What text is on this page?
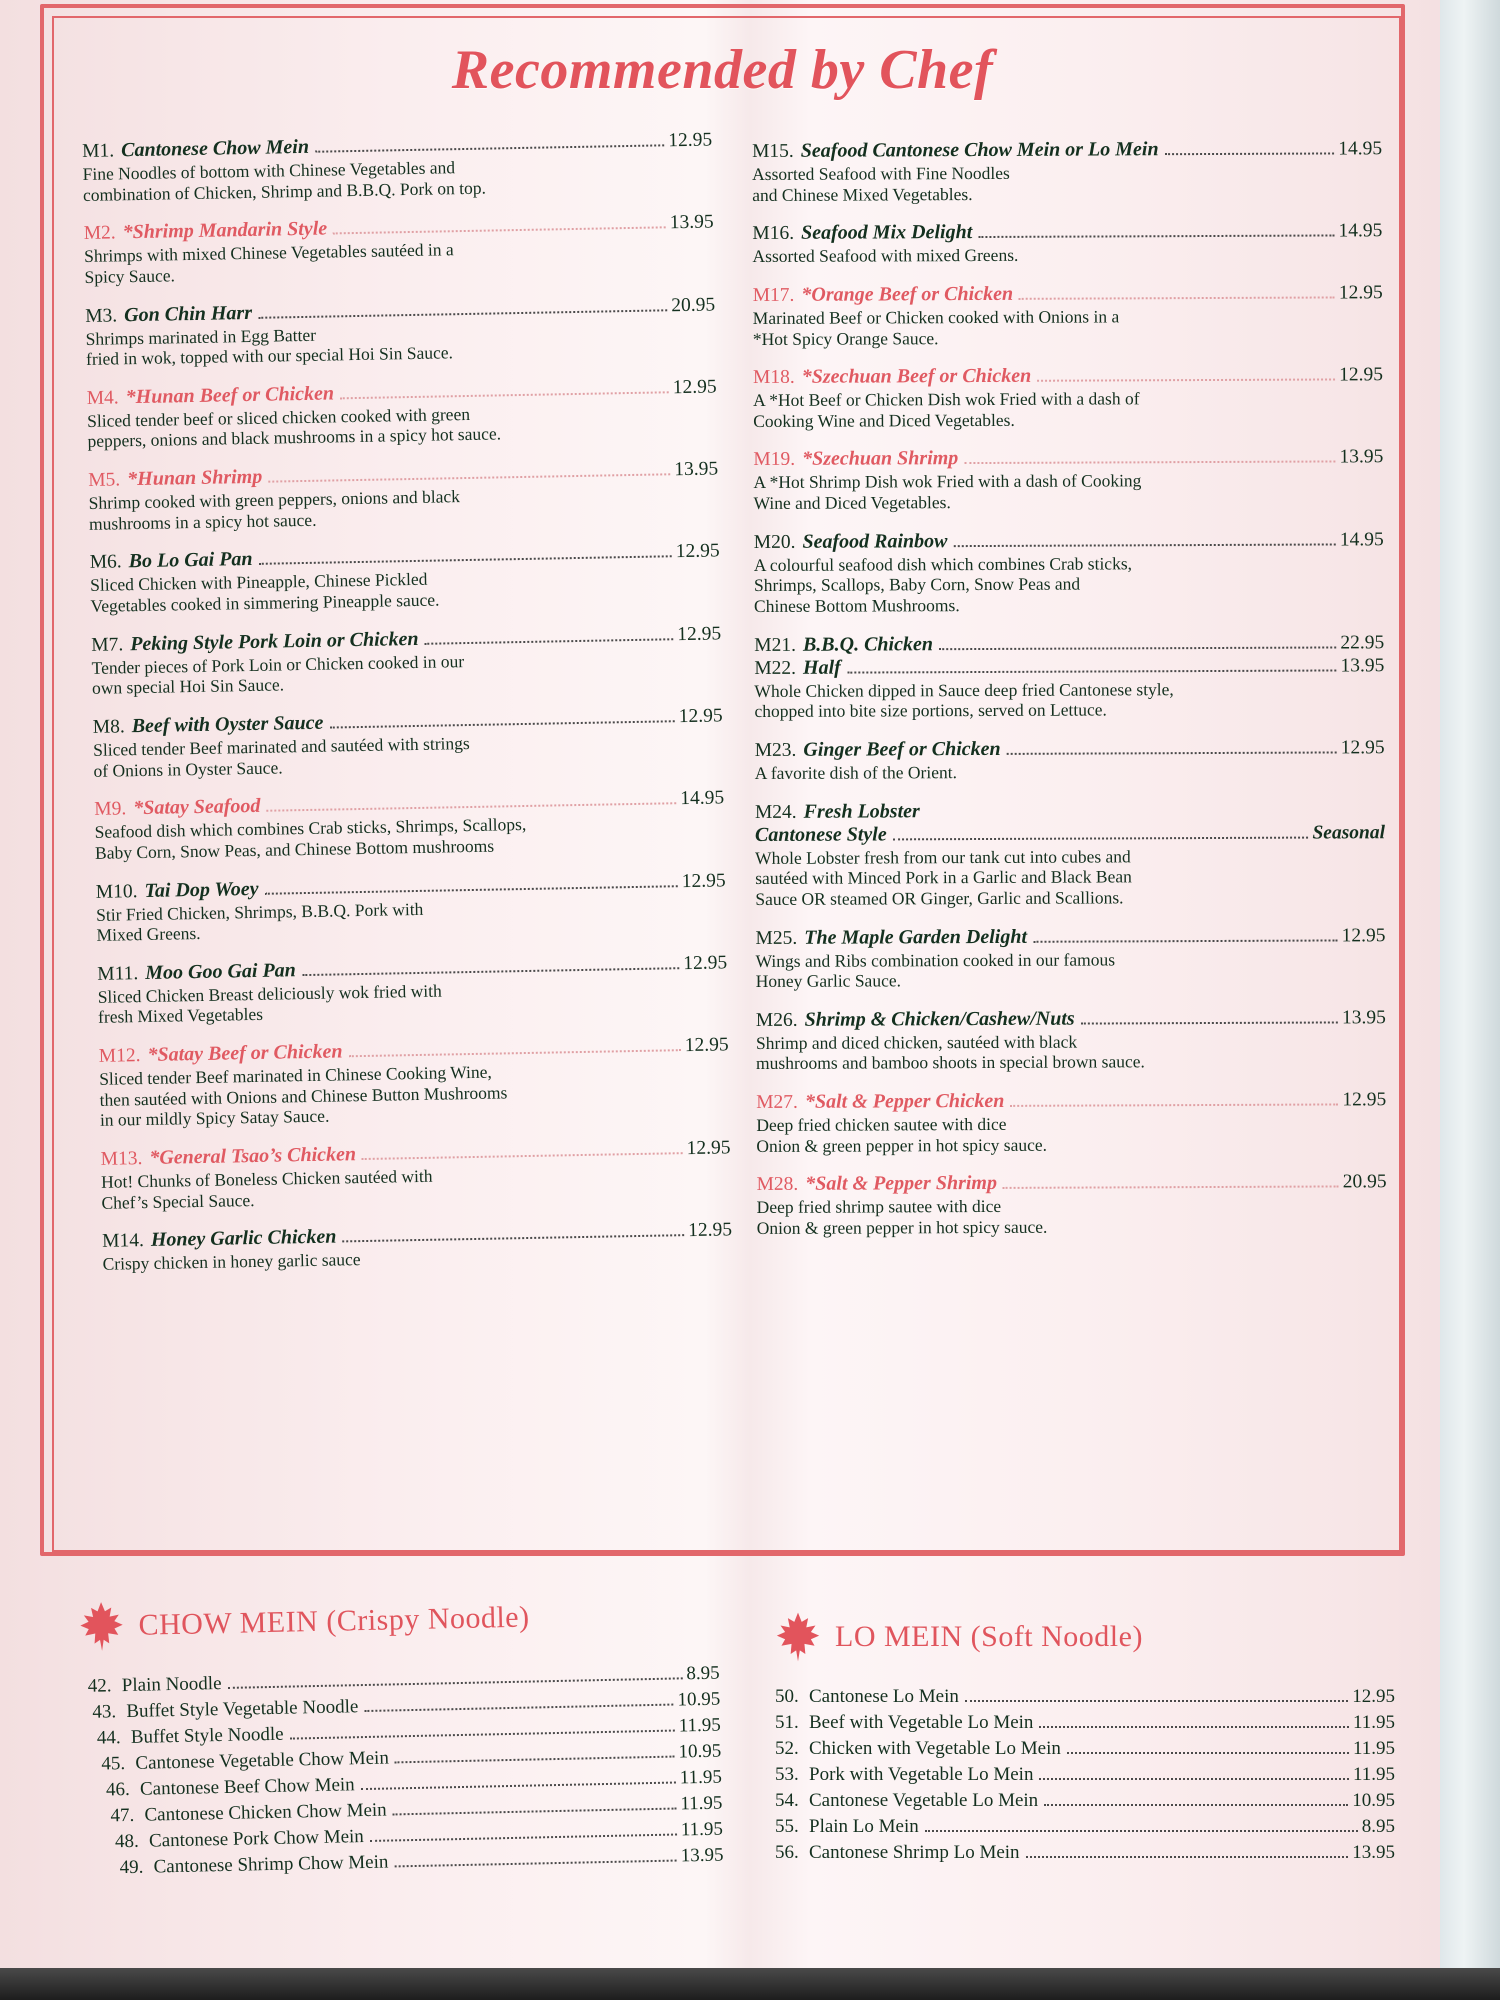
Recommended by Chef
M1. Cantonese Chow Mein	12.95
Fine Noodles of bottom with Chinese Vegetables and
combination of Chicken, Shrimp and B.B.Q. Pork on top.
M2. *Shrimp Mandarin Style	13.95
Shrimps with mixed Chinese Vegetables sautéed in a
Spicy Sauce.
M3. Gon Chin Harr	20.95
Shrimps marinated in Egg Batter
fried in wok, topped with our special Hoi Sin Sauce.
M4. *Hunan Beef or Chicken	12.95
Sliced tender beef or sliced chicken cooked with green
peppers, onions and black mushrooms in a spicy hot sauce.
M5. *Hunan Shrimp	13.95
Shrimp cooked with green peppers, onions and black
mushrooms in a spicy hot sauce.
M6. Bo Lo Gai Pan	12.95
Sliced Chicken with Pineapple, Chinese Pickled
Vegetables cooked in simmering Pineapple sauce.
M7. Peking Style Pork Loin or Chicken	12.95
Tender pieces of Pork Loin or Chicken cooked in our
own special Hoi Sin Sauce.
M8. Beef with Oyster Sauce	12.95
Sliced tender Beef marinated and sautéed with strings
of Onions in Oyster Sauce.
M9. *Satay Seafood	14.95
Seafood dish which combines Crab sticks, Shrimps, Scallops,
Baby Corn, Snow Peas, and Chinese Bottom mushrooms
M10. Tai Dop Woey	12.95
Stir Fried Chicken, Shrimps, B.B.Q. Pork with
Mixed Greens.
M11. Moo Goo Gai Pan	12.95
Sliced Chicken Breast deliciously wok fried with
fresh Mixed Vegetables
M12. *Satay Beef or Chicken	12.95
Sliced tender Beef marinated in Chinese Cooking Wine,
then sautéed with Onions and Chinese Button Mushrooms
in our mildly Spicy Satay Sauce.
M13. *General Tsao’s Chicken	12.95
Hot! Chunks of Boneless Chicken sautéed with
Chef’s Special Sauce.
M14. Honey Garlic Chicken	12.95
Crispy chicken in honey garlic sauce
M15. Seafood Cantonese Chow Mein or Lo Mein	14.95
Assorted Seafood with Fine Noodles
and Chinese Mixed Vegetables.
M16. Seafood Mix Delight	14.95
Assorted Seafood with mixed Greens.
M17. *Orange Beef or Chicken	12.95
Marinated Beef or Chicken cooked with Onions in a
*Hot Spicy Orange Sauce.
M18. *Szechuan Beef or Chicken	12.95
A *Hot Beef or Chicken Dish wok Fried with a dash of
Cooking Wine and Diced Vegetables.
M19. *Szechuan Shrimp	13.95
A *Hot Shrimp Dish wok Fried with a dash of Cooking
Wine and Diced Vegetables.
M20. Seafood Rainbow	14.95
A colourful seafood dish which combines Crab sticks,
Shrimps, Scallops, Baby Corn, Snow Peas and
Chinese Bottom Mushrooms.
M21. B.B.Q. Chicken	22.95
M22. Half	13.95
Whole Chicken dipped in Sauce deep fried Cantonese style,
chopped into bite size portions, served on Lettuce.
M23. Ginger Beef or Chicken	12.95
A favorite dish of the Orient.
M24. Fresh Lobster
Cantonese Style	Seasonal
Whole Lobster fresh from our tank cut into cubes and
sautéed with Minced Pork in a Garlic and Black Bean
Sauce OR steamed OR Ginger, Garlic and Scallions.
M25. The Maple Garden Delight	12.95
Wings and Ribs combination cooked in our famous
Honey Garlic Sauce.
M26. Shrimp & Chicken/Cashew/Nuts	13.95
Shrimp and diced chicken, sautéed with black
mushrooms and bamboo shoots in special brown sauce.
M27. *Salt & Pepper Chicken	12.95
Deep fried chicken sautee with dice
Onion & green pepper in hot spicy sauce.
M28. *Salt & Pepper Shrimp	20.95
Deep fried shrimp sautee with dice
Onion & green pepper in hot spicy sauce.
CHOW MEIN (Crispy Noodle)
42. Plain Noodle	8.95
43. Buffet Style Vegetable Noodle	10.95
44. Buffet Style Noodle	11.95
45. Cantonese Vegetable Chow Mein	10.95
46. Cantonese Beef Chow Mein	11.95
47. Cantonese Chicken Chow Mein	11.95
48. Cantonese Pork Chow Mein	11.95
49. Cantonese Shrimp Chow Mein	13.95
LO MEIN (Soft Noodle)
50. Cantonese Lo Mein	12.95
51. Beef with Vegetable Lo Mein	11.95
52. Chicken with Vegetable Lo Mein	11.95
53. Pork with Vegetable Lo Mein	11.95
54. Cantonese Vegetable Lo Mein	10.95
55. Plain Lo Mein	8.95
56. Cantonese Shrimp Lo Mein	13.95
